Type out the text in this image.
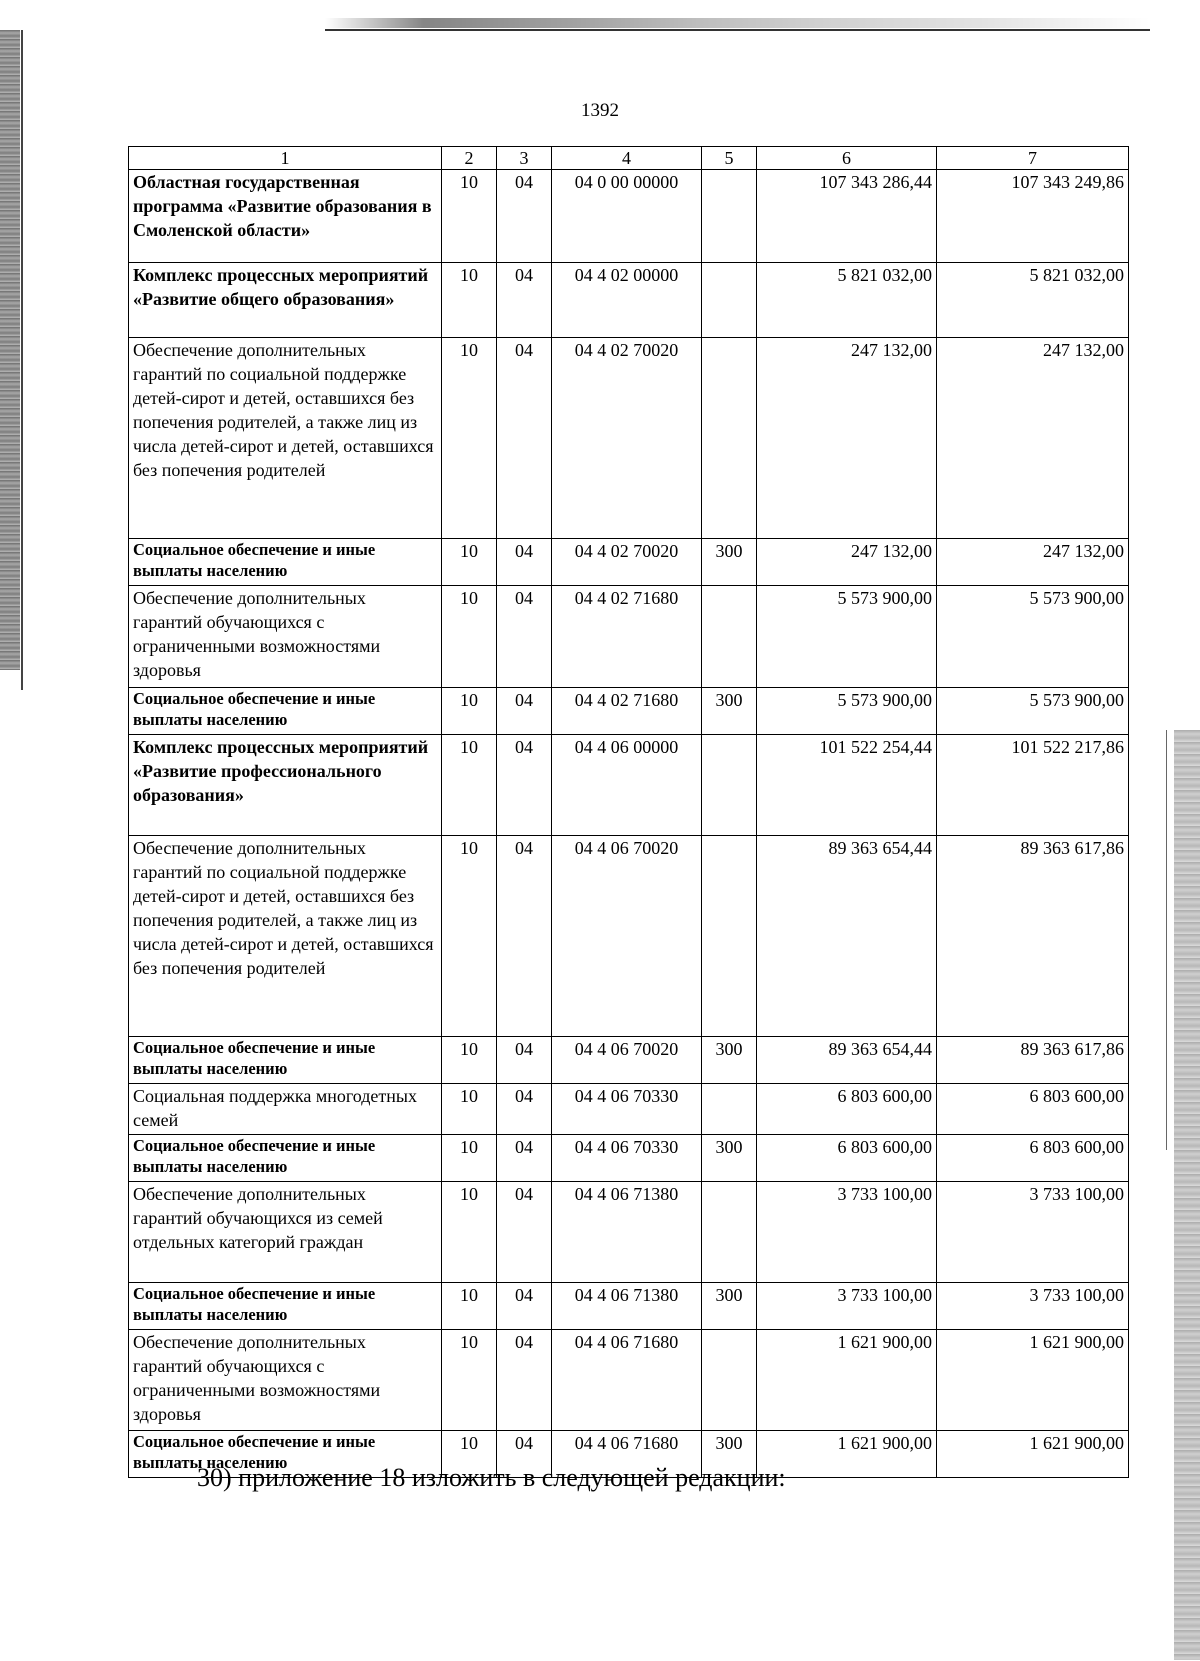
1392
1	2	3	4	5	6	7
Областная государственная программа «Развитие образования в Смоленской области»	10	04	04 0 00 00000		107 343 286,44	107 343 249,86
Комплекс процессных мероприятий «Развитие общего образования»	10	04	04 4 02 00000		5 821 032,00	5 821 032,00
Обеспечение дополнительных гарантий по социальной поддержке детей-сирот и детей, оставшихся без попечения родителей, а также лиц из числа детей-сирот и детей, оставшихся без попечения родителей	10	04	04 4 02 70020		247 132,00	247 132,00
Социальное обеспечение и иные выплаты населению	10	04	04 4 02 70020	300	247 132,00	247 132,00
Обеспечение дополнительных гарантий обучающихся с ограниченными возможностями здоровья	10	04	04 4 02 71680		5 573 900,00	5 573 900,00
Социальное обеспечение и иные выплаты населению	10	04	04 4 02 71680	300	5 573 900,00	5 573 900,00
Комплекс процессных мероприятий «Развитие профессионального образования»	10	04	04 4 06 00000		101 522 254,44	101 522 217,86
Обеспечение дополнительных гарантий по социальной поддержке детей-сирот и детей, оставшихся без попечения родителей, а также лиц из числа детей-сирот и детей, оставшихся без попечения родителей	10	04	04 4 06 70020		89 363 654,44	89 363 617,86
Социальное обеспечение и иные выплаты населению	10	04	04 4 06 70020	300	89 363 654,44	89 363 617,86
Социальная поддержка многодетных семей	10	04	04 4 06 70330		6 803 600,00	6 803 600,00
Социальное обеспечение и иные выплаты населению	10	04	04 4 06 70330	300	6 803 600,00	6 803 600,00
Обеспечение дополнительных гарантий обучающихся из семей отдельных категорий граждан	10	04	04 4 06 71380		3 733 100,00	3 733 100,00
Социальное обеспечение и иные выплаты населению	10	04	04 4 06 71380	300	3 733 100,00	3 733 100,00
Обеспечение дополнительных гарантий обучающихся с ограниченными возможностями здоровья	10	04	04 4 06 71680		1 621 900,00	1 621 900,00
Социальное обеспечение и иные выплаты населению	10	04	04 4 06 71680	300	1 621 900,00	1 621 900,00
30) приложение 18 изложить в следующей редакции:
